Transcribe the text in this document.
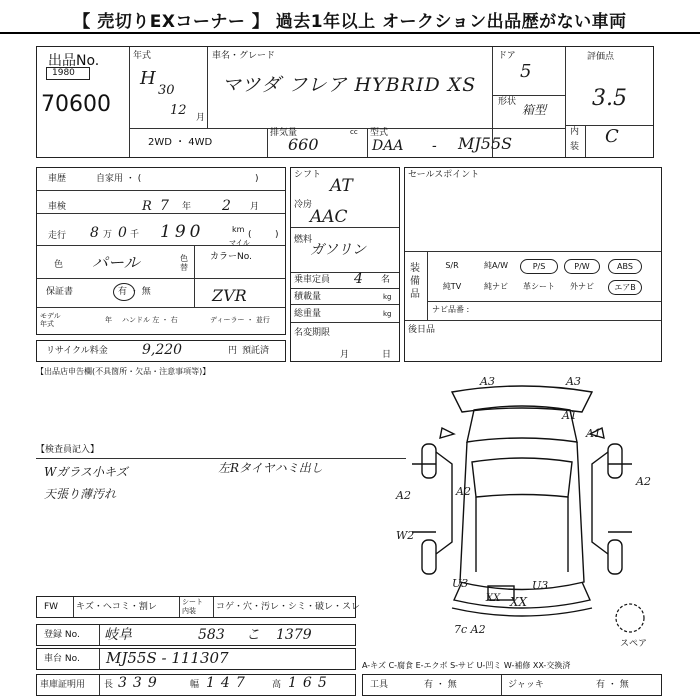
【 売切りEXコーナー 】 過去1年以上 オークション出品歴がない車両
出品No.
1980
70600
年式
H
30
12 月
車名・グレード
マツダ フレア HYBRID XS
ドア
5
形状
箱型
評価点
3.5
内
装 C
2WD ・ 4WD
排気量	cc
660
型式
DAA - MJ55S
車歴	自家用 ・ (	)
車検	R 7 年 2 月
走行 8 万 0 千 190	km
マイル
(	)
色 パール	色替
カラーNo.
保証書	有 ・ 無	ZVR
モデル
年式	年 ハンドル 左 ・ 右	ディーラー ・ 並行
リサイクル料金 9,220	円 預託済
【出品店申告欄(不具箇所・欠品・注意事項等)】
シフト
AT
冷房
AAC
燃料
ガソリン
乗車定員 4 名
積載量	kg
総重量	kg
名変期限
月	日
セールスポイント
装備品
S/R	純A/W	P/S	P/W	ABS
純TV	純ナビ	革シート	外ナビ	エアB
ナビ品番 :
後日品
【検査員記入】
Wガラス小キズ
天張り薄汚れ
左Rタイヤハミ出し
FW キズ・ヘコミ・割レ	シート
内装 コゲ・穴・汚レ・シミ・破レ・スレ
登録 No. 岐阜	583 こ 1379
車台 No. MJ55S - 111307
車庫証明用 長 339	幅 147 高 165
A-キズ C-腐食 E-エクボ S-サビ U-凹ミ W-補修 XX-交換済
工具	有 ・ 無	ジャッキ	有 ・ 無
A3	A3
A1
A1
A2
A2	A2
W2
U3	U3
XX
XX
7c A2
スペア
